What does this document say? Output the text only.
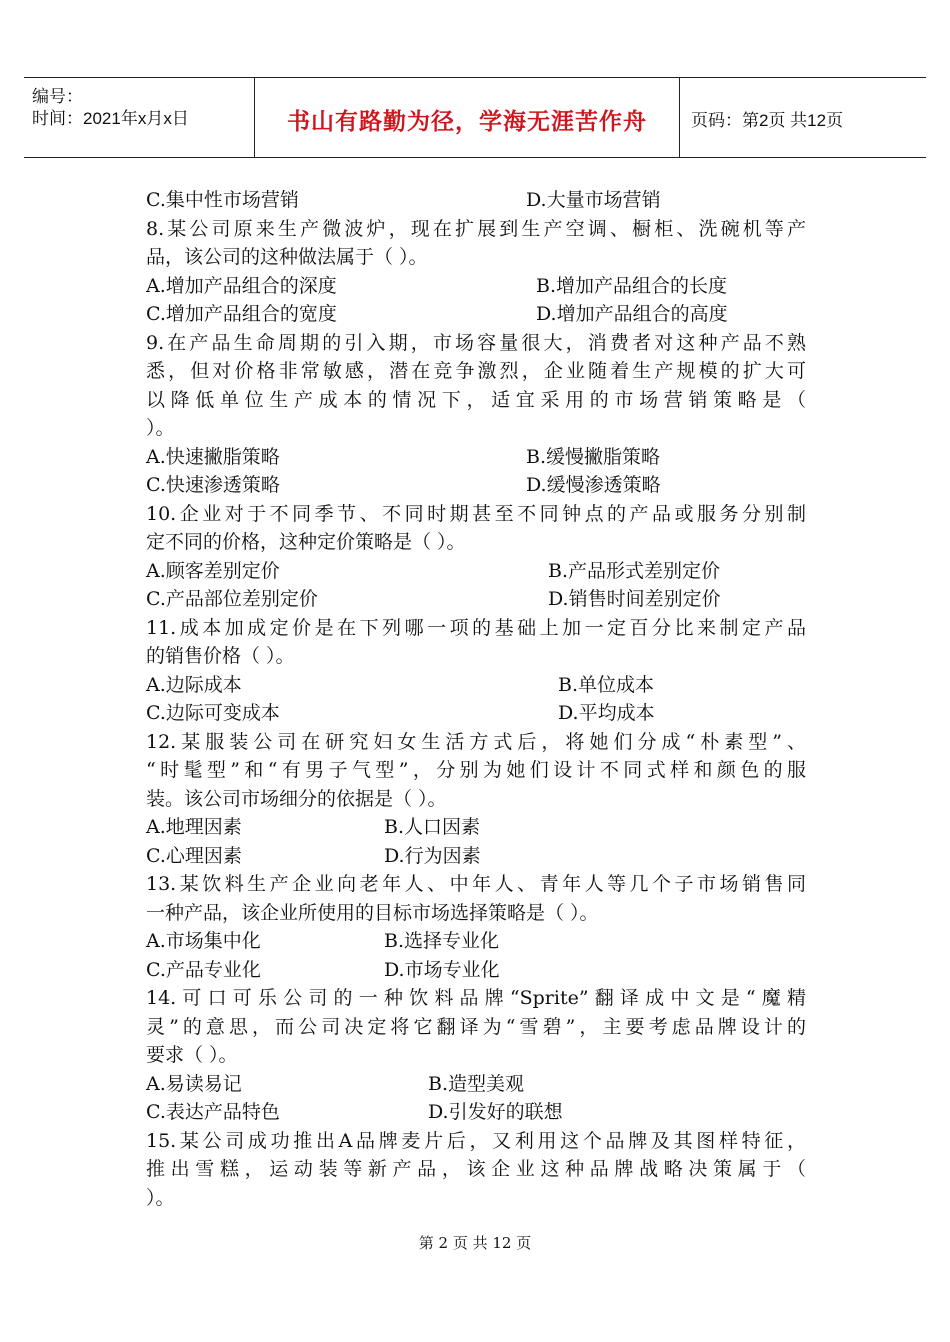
编号：
时间：2021年x月x日	书山有路勤为径，学海无涯苦作舟	页码：第2页 共12页
C.集中性市场营销	D.大量市场营销
8.某公司原来生产微波炉，现在扩展到生产空调、橱柜、洗碗机等产
品，该公司的这种做法属于（ ）。
A.增加产品组合的深度	B.增加产品组合的长度
C.增加产品组合的宽度	D.增加产品组合的高度
9.在产品生命周期的引入期，市场容量很大，消费者对这种产品不熟
悉，但对价格非常敏感，潜在竞争激烈，企业随着生产规模的扩大可
以降低单位生产成本的情况下，适宜采用的市场营销策略是（
）。
A.快速撇脂策略	B.缓慢撇脂策略
C.快速渗透策略	D.缓慢渗透策略
10.企业对于不同季节、不同时期甚至不同钟点的产品或服务分别制
定不同的价格，这种定价策略是（ ）。
A.顾客差别定价	B.产品形式差别定价
C.产品部位差别定价	D.销售时间差别定价
11.成本加成定价是在下列哪一项的基础上加一定百分比来制定产品
的销售价格（ ）。
A.边际成本	B.单位成本
C.边际可变成本	D.平均成本
12.某服装公司在研究妇女生活方式后，将她们分成“朴素型”、
“时髦型”和“有男子气型”，分别为她们设计不同式样和颜色的服
装。该公司市场细分的依据是（ ）。
A.地理因素	B.人口因素
C.心理因素	D.行为因素
13.某饮料生产企业向老年人、中年人、青年人等几个子市场销售同
一种产品，该企业所使用的目标市场选择策略是（ ）。
A.市场集中化	B.选择专业化
C.产品专业化	D.市场专业化
14.可口可乐公司的一种饮料品牌“Sprite”翻译成中文是“魔精
灵”的意思，而公司决定将它翻译为“雪碧”，主要考虑品牌设计的
要求（ ）。
A.易读易记	B.造型美观
C.表达产品特色	D.引发好的联想
15.某公司成功推出A品牌麦片后，又利用这个品牌及其图样特征，
推出雪糕，运动装等新产品，该企业这种品牌战略决策属于（
）。
第 2 页 共 12 页
